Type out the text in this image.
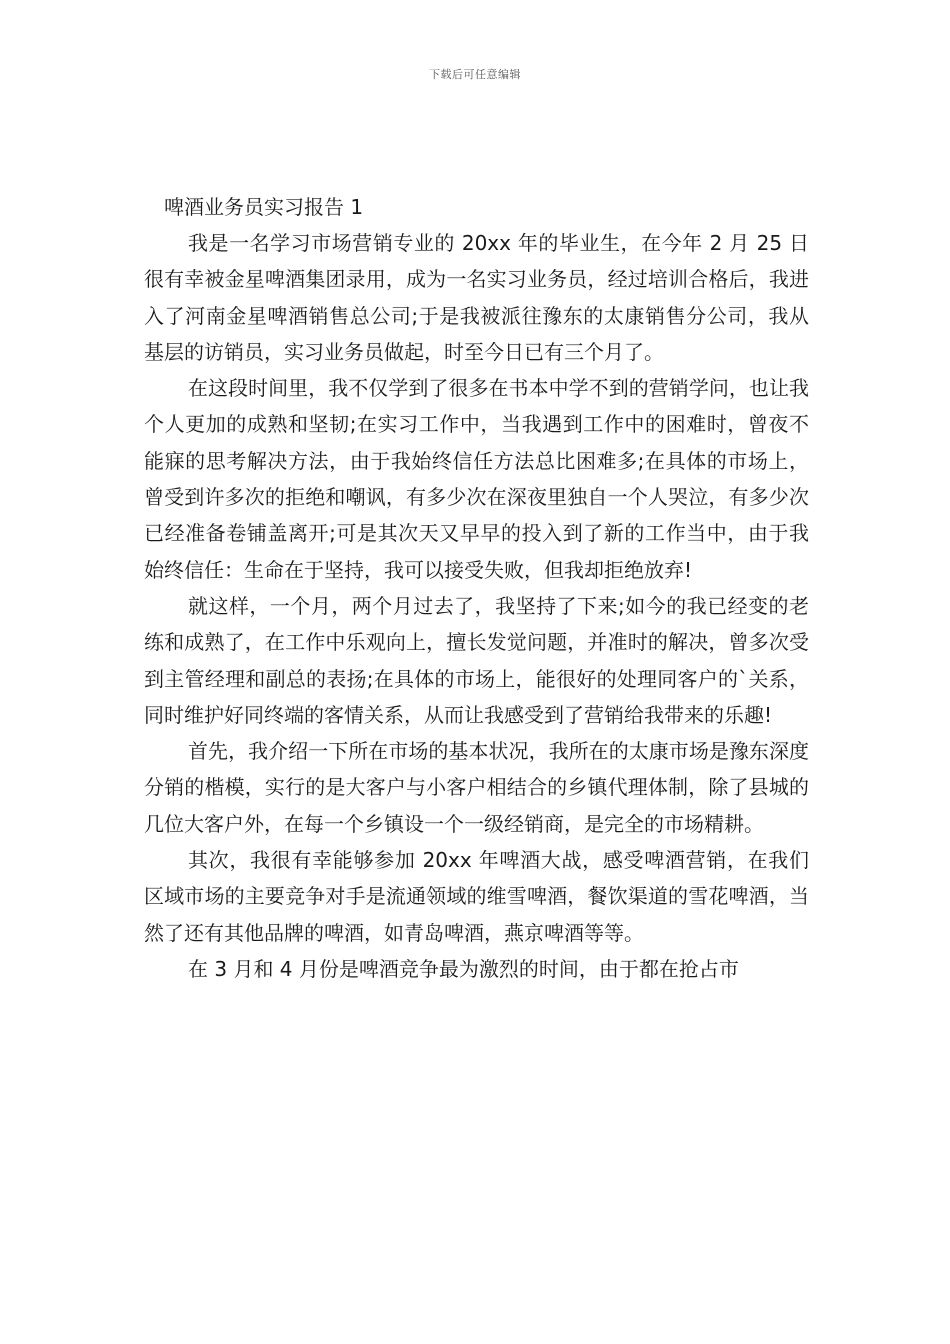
下载后可任意编辑
啤酒业务员实习报告 1

我是一名学习市场营销专业的 20xx 年的毕业生，在今年 2 月 25 日很有幸被金星啤酒集团录用，成为一名实习业务员，经过培训合格后，我进入了河南金星啤酒销售总公司;于是我被派往豫东的太康销售分公司，我从基层的访销员，实习业务员做起，时至今日已有三个月了。

在这段时间里，我不仅学到了很多在书本中学不到的营销学问，也让我个人更加的成熟和坚韧;在实习工作中，当我遇到工作中的困难时，曾夜不能寐的思考解决方法，由于我始终信任方法总比困难多;在具体的市场上，曾受到许多次的拒绝和嘲讽，有多少次在深夜里独自一个人哭泣，有多少次已经准备卷铺盖离开;可是其次天又早早的投入到了新的工作当中，由于我始终信任：生命在于坚持，我可以接受失败，但我却拒绝放弃!

就这样，一个月，两个月过去了，我坚持了下来;如今的我已经变的老练和成熟了，在工作中乐观向上，擅长发觉问题，并准时的解决，曾多次受到主管经理和副总的表扬;在具体的市场上，能很好的处理同客户的`关系，同时维护好同终端的客情关系，从而让我感受到了营销给我带来的乐趣!

首先，我介绍一下所在市场的基本状况，我所在的太康市场是豫东深度分销的楷模，实行的是大客户与小客户相结合的乡镇代理体制，除了县城的几位大客户外，在每一个乡镇设一个一级经销商，是完全的市场精耕。

其次，我很有幸能够参加 20xx 年啤酒大战，感受啤酒营销，在我们区域市场的主要竞争对手是流通领域的维雪啤酒，餐饮渠道的雪花啤酒，当然了还有其他品牌的啤酒，如青岛啤酒，燕京啤酒等等。

在 3 月和 4 月份是啤酒竞争最为激烈的时间，由于都在抢占市
